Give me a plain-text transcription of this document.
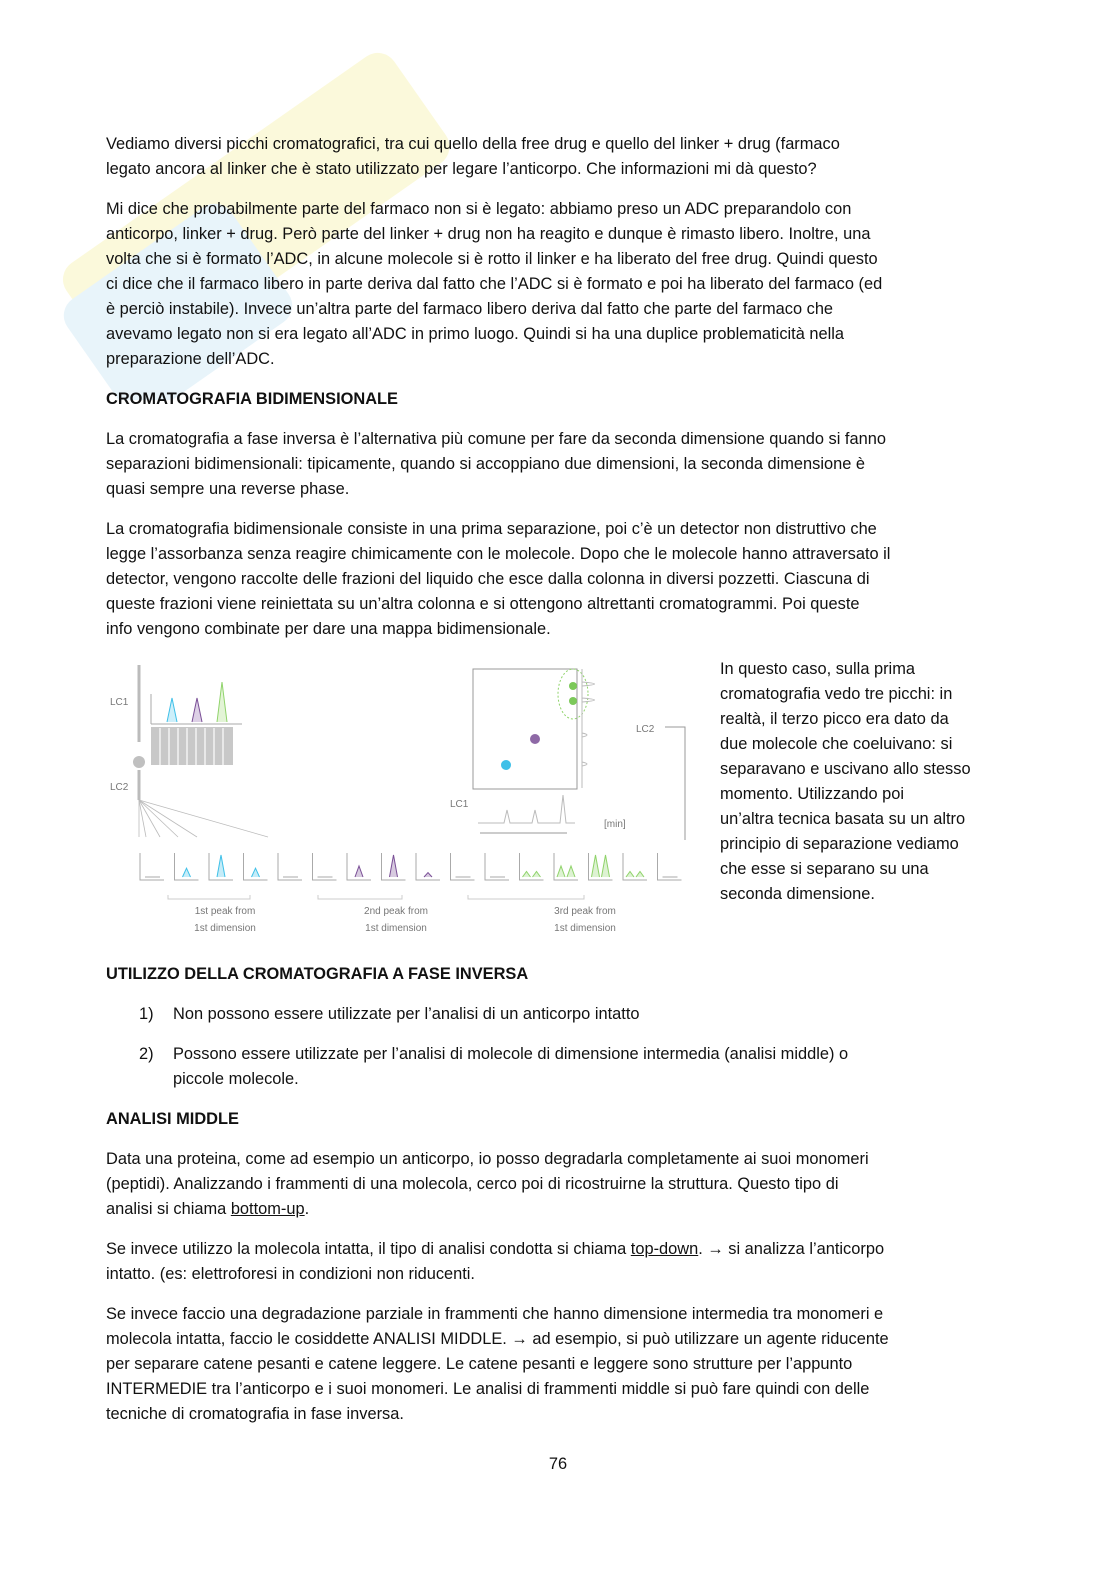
Vediamo diversi picchi cromatografici, tra cui quello della free drug e quello del linker + drug (farmaco
legato ancora al linker che è stato utilizzato per legare l’anticorpo. Che informazioni mi dà questo?
Mi dice che probabilmente parte del farmaco non si è legato: abbiamo preso un ADC preparandolo con
anticorpo, linker + drug. Però parte del linker + drug non ha reagito e dunque è rimasto libero. Inoltre, una
volta che si è formato l’ADC, in alcune molecole si è rotto il linker e ha liberato del free drug. Quindi questo
ci dice che il farmaco libero in parte deriva dal fatto che l’ADC si è formato e poi ha liberato del farmaco (ed
è perciò instabile). Invece un’altra parte del farmaco libero deriva dal fatto che parte del farmaco che
avevamo legato non si era legato all’ADC in primo luogo. Quindi si ha una duplice problematicità nella
preparazione dell’ADC.
CROMATOGRAFIA BIDIMENSIONALE
La cromatografia a fase inversa è l’alternativa più comune per fare da seconda dimensione quando si fanno
separazioni bidimensionali: tipicamente, quando si accoppiano due dimensioni, la seconda dimensione è
quasi sempre una reverse phase.
La cromatografia bidimensionale consiste in una prima separazione, poi c’è un detector non distruttivo che
legge l’assorbanza senza reagire chimicamente con le molecole. Dopo che le molecole hanno attraversato il
detector, vengono raccolte delle frazioni del liquido che esce dalla colonna in diversi pozzetti. Ciascuna di
queste frazioni viene reiniettata su un’altra colonna e si ottengono altrettanti cromatogrammi. Poi queste
info vengono combinate per dare una mappa bidimensionale.
LC1
LC2
LC2
LC1
[min]
1st peak from
1st dimension
2nd peak from
1st dimension
3rd peak from
1st dimension
In questo caso, sulla prima
cromatografia vedo tre picchi: in
realtà, il terzo picco era dato da
due molecole che coeluivano: si
separavano e uscivano allo stesso
momento. Utilizzando poi
un’altra tecnica basata su un altro
principio di separazione vediamo
che esse si separano su una
seconda dimensione.
UTILIZZO DELLA CROMATOGRAFIA A FASE INVERSA
1) Non possono essere utilizzate per l’analisi di un anticorpo intatto
2) Possono essere utilizzate per l’analisi di molecole di dimensione intermedia (analisi middle) o
piccole molecole.
ANALISI MIDDLE
Data una proteina, come ad esempio un anticorpo, io posso degradarla completamente ai suoi monomeri
(peptidi). Analizzando i frammenti di una molecola, cerco poi di ricostruirne la struttura. Questo tipo di
analisi si chiama bottom-up.
Se invece utilizzo la molecola intatta, il tipo di analisi condotta si chiama top-down. → si analizza l’anticorpo
intatto. (es: elettroforesi in condizioni non riducenti.
Se invece faccio una degradazione parziale in frammenti che hanno dimensione intermedia tra monomeri e
molecola intatta, faccio le cosiddette ANALISI MIDDLE. → ad esempio, si può utilizzare un agente riducente
per separare catene pesanti e catene leggere. Le catene pesanti e leggere sono strutture per l’appunto
INTERMEDIE tra l’anticorpo e i suoi monomeri. Le analisi di frammenti middle si può fare quindi con delle
tecniche di cromatografia in fase inversa.
76
